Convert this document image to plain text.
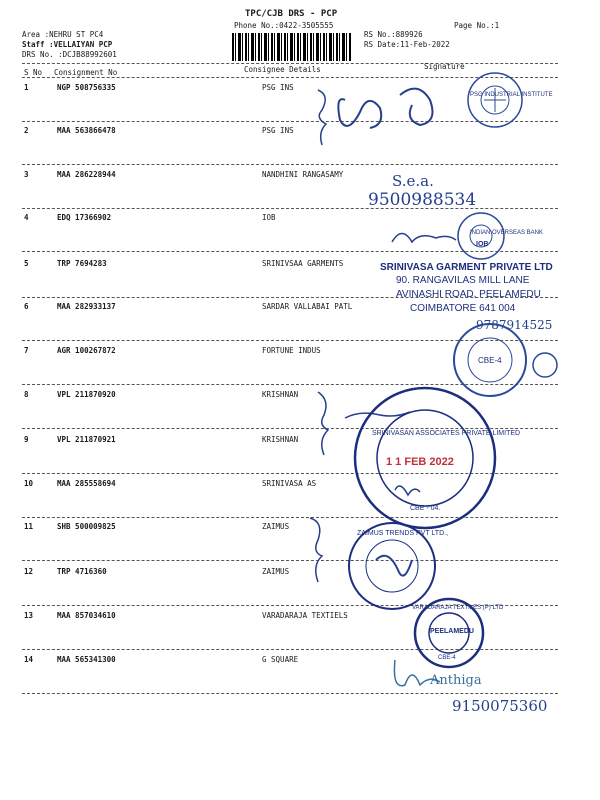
TPC/CJB DRS - PCP
Phone No.:0422-3505555
Area :NEHRU ST PC4
Staff :VELLAIYAN PCP
DRS No. :DCJB88992601
RS No.:889926
RS Date:11-Feb-2022
Page No.:1
S No Consignment No	Consignee Details	Signature
1	NGP 508756335	PSG INS
2	MAA 563866478	PSG INS
3	MAA 286228944	NANDHINI RANGASAMY
4	EDQ 17366902	IOB
5	TRP 7694283	SRINIVSAA GARMENTS
6	MAA 282933137	SARDAR VALLABAI PATL
7	AGR 100267872	FORTUNE INDUS
8	VPL 211870920	KRISHNAN
9	VPL 211870921	KRISHNAN
10	MAA 285558694	SRINIVASA AS
11	SHB 500009825	ZAIMUS
12	TRP 4716360	ZAIMUS
13	MAA 857034610	VARADARAJA TEXTIELS
14	MAA 565341300	G SQUARE
PSG INDUSTRIAL INSTITUTE
INDIAN OVERSEAS BANK
IOB
SRINIVASA GARMENT PRIVATE LTD
90. RANGAVILAS MILL LANE
AVINASHI ROAD, PEELAMEDU
COIMBATORE 641 004
CBE-4
SRINIVASAN ASSOCIATES PRIVATE LIMITED
1 1 FEB 2022
CBE - 04.
ZAIMUS TRENDS PVT LTD.,
VARADARAJA TEXTILES (P) LTD
PEELAMEDU
CBE-4
S.e.a.
9500988534
9787914525
Anthiga
9150075360
